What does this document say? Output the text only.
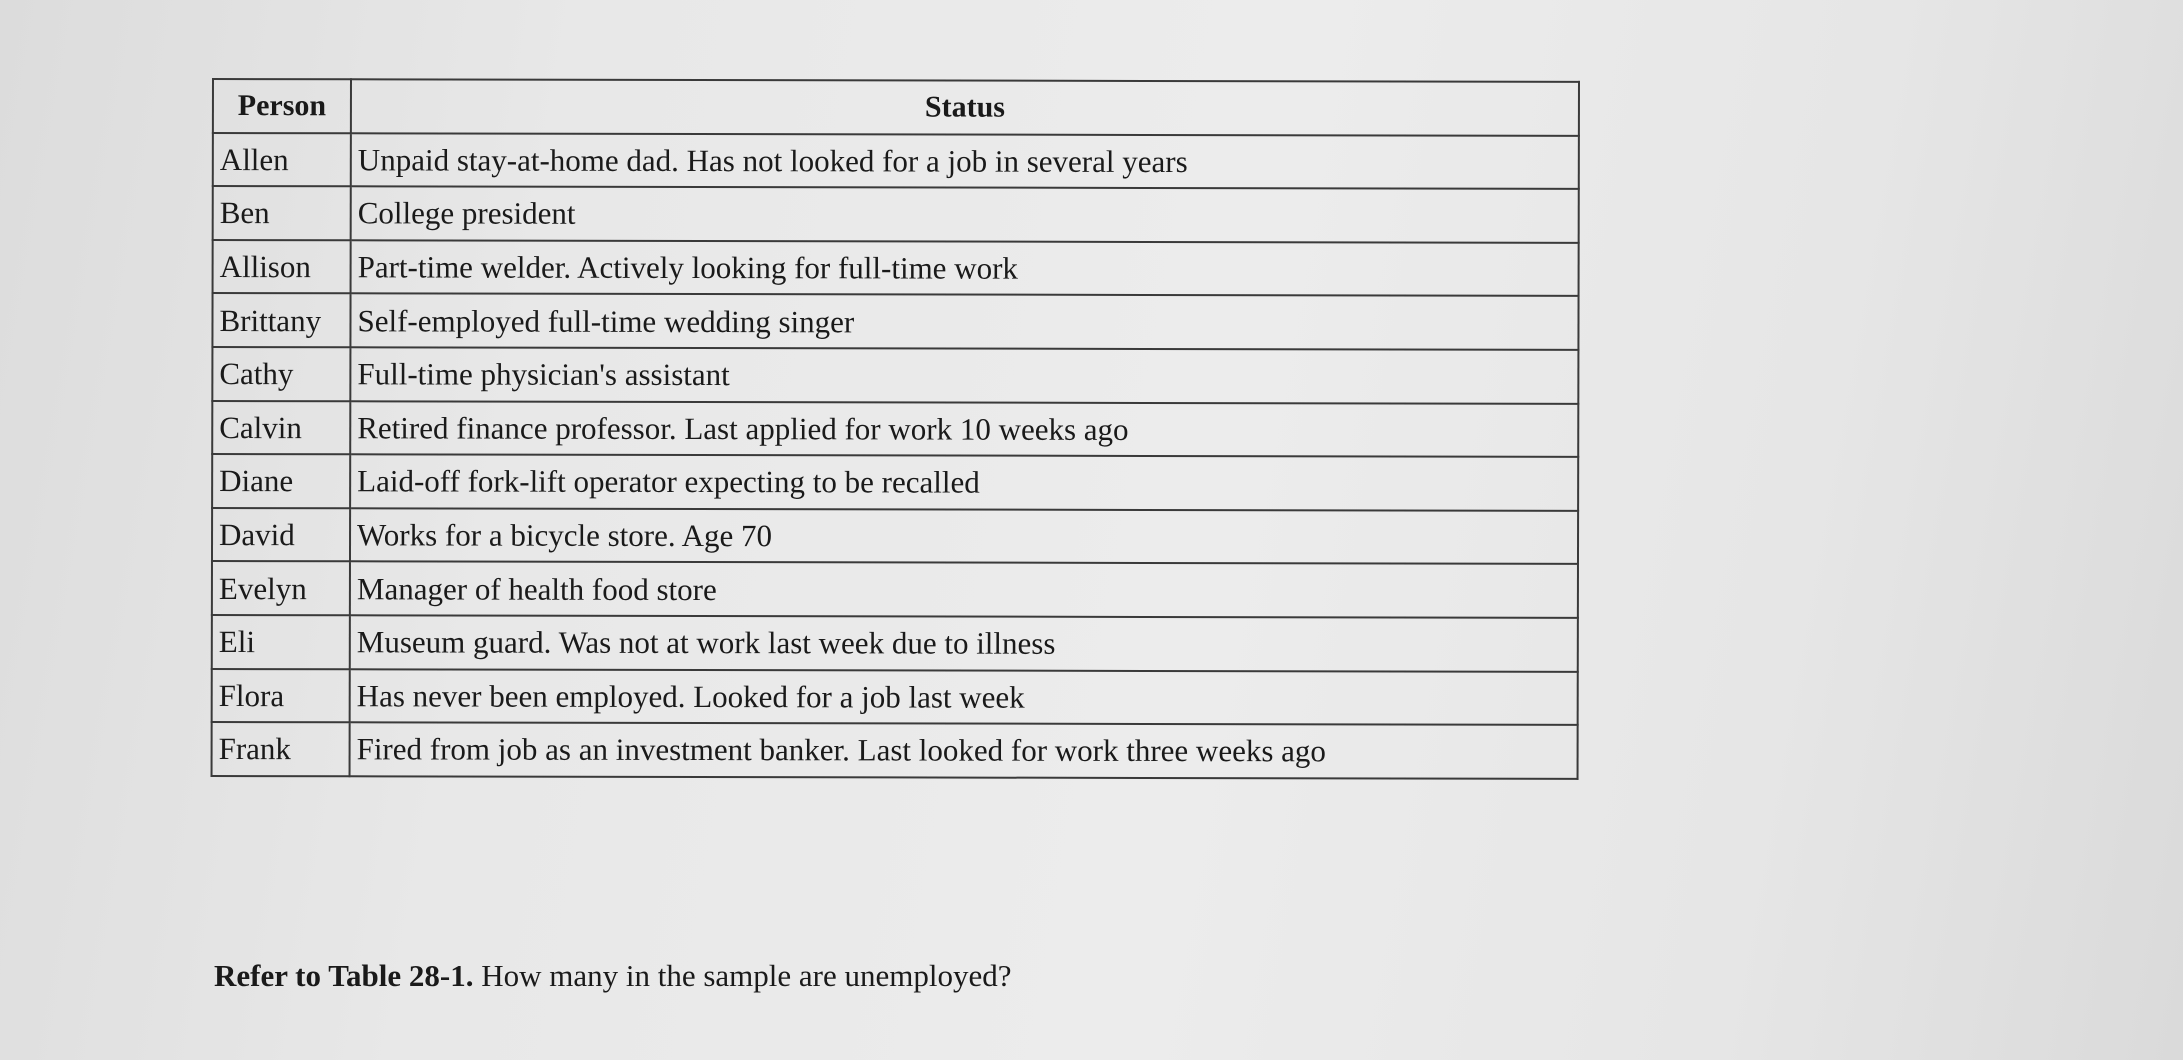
Person	Status
Allen	Unpaid stay-at-home dad. Has not looked for a job in several years
Ben	College president
Allison	Part-time welder. Actively looking for full-time work
Brittany	Self-employed full-time wedding singer
Cathy	Full-time physician's assistant
Calvin	Retired finance professor. Last applied for work 10 weeks ago
Diane	Laid-off fork-lift operator expecting to be recalled
David	Works for a bicycle store. Age 70
Evelyn	Manager of health food store
Eli	Museum guard. Was not at work last week due to illness
Flora	Has never been employed. Looked for a job last week
Frank	Fired from job as an investment banker. Last looked for work three weeks ago
Refer to Table 28-1. How many in the sample are unemployed?
